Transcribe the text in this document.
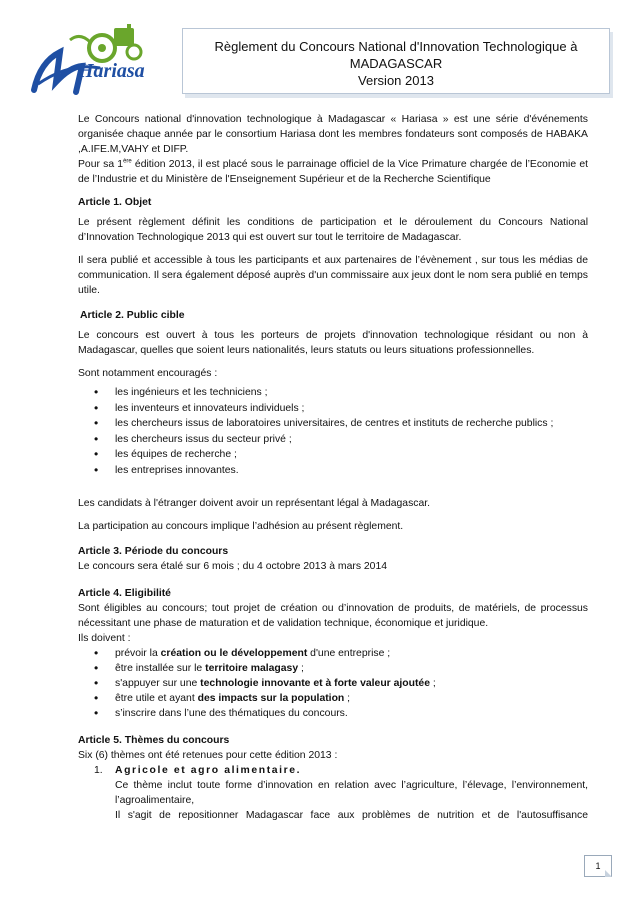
Hariasa
Règlement du Concours National d'Innovation Technologique à
MADAGASCAR
Version 2013

Le Concours national d'innovation technologique à Madagascar « Hariasa » est une série d'événements organisée chaque année par le consortium Hariasa dont les membres fondateurs sont composés de HABAKA ,A.IFE.M,VAHY et DIFP.

Pour sa 1ère édition 2013, il est placé sous le parrainage officiel de la Vice Primature chargée de l’Economie et de l’Industrie et du Ministère de l'Enseignement Supérieur et de la Recherche Scientifique

Article 1. Objet

Le présent règlement définit les conditions de participation et le déroulement du Concours National d’Innovation Technologique 2013 qui est ouvert sur tout le territoire de Madagascar.

Il sera publié et accessible à tous les participants et aux partenaires de l’évènement , sur tous les médias de communication. Il sera également déposé auprès d'un commissaire aux jeux dont le nom sera publié en temps utile.

Article 2. Public cible

Le concours est ouvert à tous les porteurs de projets d'innovation technologique résidant ou non à Madagascar, quelles que soient leurs nationalités, leurs statuts ou leurs situations professionnelles.

Sont notamment encouragés :

• les ingénieurs et les techniciens ;
• les inventeurs et innovateurs individuels ;
• les chercheurs issus de laboratoires universitaires, de centres et instituts de recherche publics ;
• les chercheurs issus du secteur privé ;
• les équipes de recherche ;
• les entreprises innovantes.

Les candidats à l'étranger doivent avoir un représentant légal à Madagascar.

La participation au concours implique l’adhésion au présent règlement.

Article 3. Période du concours

Le concours sera étalé sur 6 mois ; du 4 octobre 2013 à mars 2014

Article 4. Eligibilité

Sont éligibles au concours; tout projet de création ou d’innovation de produits, de matériels, de processus nécessitant une phase de maturation et de validation technique, économique et juridique.

Ils doivent :

• prévoir la création ou le développement d'une entreprise ;
• être installée sur le territoire malagasy ;
• s'appuyer sur une technologie innovante et à forte valeur ajoutée ;
• être utile et ayant des impacts sur la population ;
• s’inscrire dans l’une des thématiques du concours.
Article 5. Thèmes du concours

Six (6) thèmes ont été retenues pour cette édition 2013 :

1. Agricole et agro alimentaire.

Ce thème inclut toute forme d’innovation en relation avec l’agriculture, l’élevage, l’environnement, l’agroalimentaire,

Il s'agit de repositionner Madagascar face aux problèmes de nutrition et de l'autosuffisance

1
